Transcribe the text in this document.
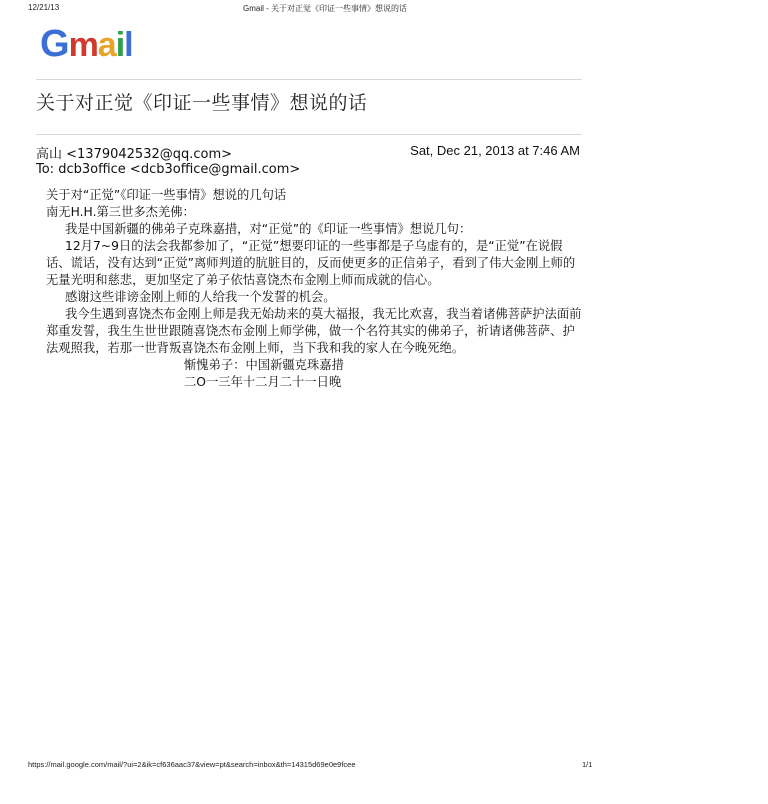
12/21/13	Gmail - 关于对正觉《印证一些事情》想说的话
Gmail
关于对正觉《印证一些事情》想说的话
高山 <1379042532@qq.com>	Sat, Dec 21, 2013 at 7:46 AM
To: dcb3office <dcb3office@gmail.com>

关于对“正觉”《印证一些事情》想说的几句话

南无H.H.第三世多杰羌佛：

我是中国新疆的佛弟子克珠嘉措，对“正觉”的《印证一些事情》想说几句：

12月7~9日的法会我都参加了，“正觉”想要印证的一些事都是子乌虚有的，是“正觉”在说假话、谎话，没有达到“正觉”离师判道的肮脏目的，反而使更多的正信弟子，看到了伟大金刚上师的无量光明和慈悲，更加坚定了弟子依怙喜饶杰布金刚上师而成就的信心。

感谢这些诽谤金刚上师的人给我一个发誓的机会。

我今生遇到喜饶杰布金刚上师是我无始劫来的莫大福报，我无比欢喜，我当着诸佛菩萨护法面前郑重发誓，我生生世世跟随喜饶杰布金刚上师学佛，做一个名符其实的佛弟子，祈请诸佛菩萨、护法观照我，若那一世背叛喜饶杰布金刚上师，当下我和我的家人在今晚死绝。

惭愧弟子：中国新疆克珠嘉措

二O一三年十二月二十一日晚

https://mail.google.com/mail/?ui=2&ik=cf636aac37&view=pt&search=inbox&th=14315d69e0e9fcee	1/1
